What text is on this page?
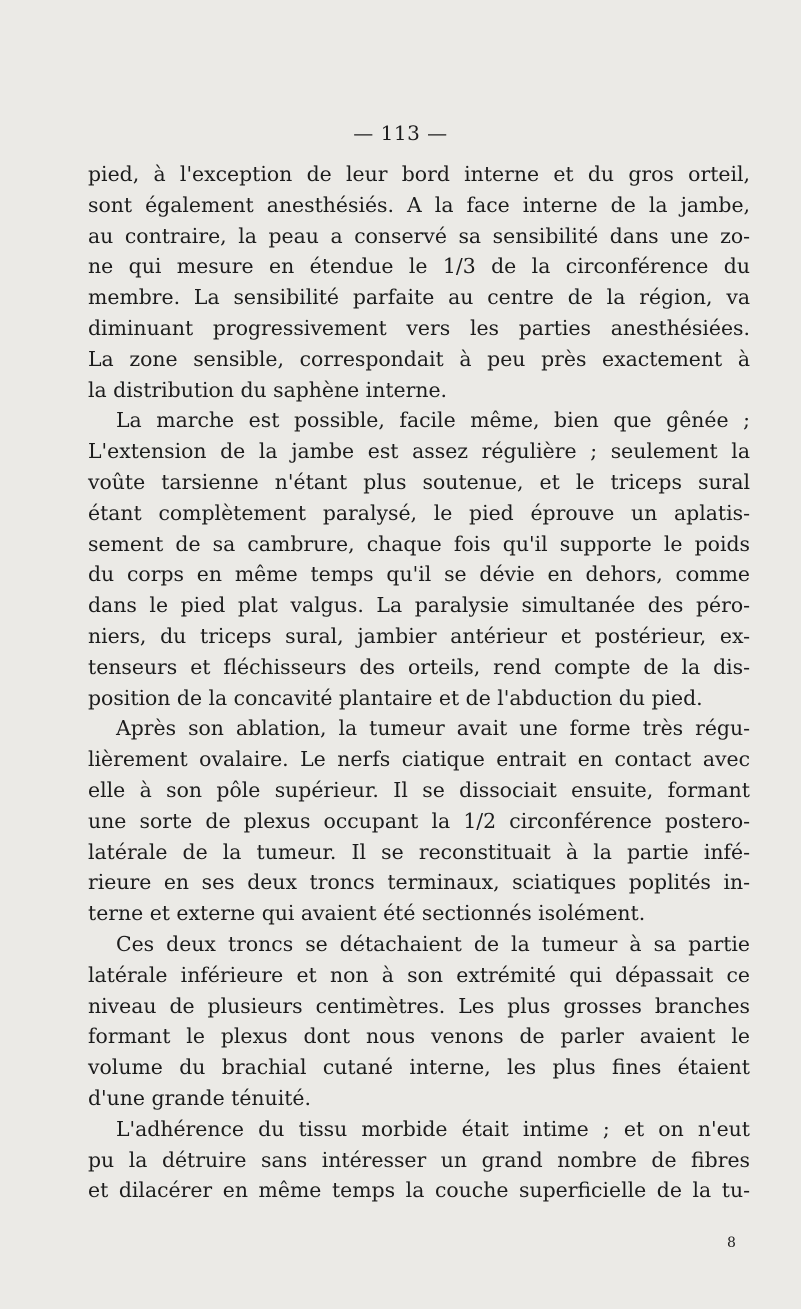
— 113 —
pied, à l'exception de leur bord interne et du gros orteil,
sont également anesthésiés. A la face interne de la jambe,
au contraire, la peau a conservé sa sensibilité dans une zo-
ne qui mesure en étendue le 1/3 de la circonférence du
membre. La sensibilité parfaite au centre de la région, va
diminuant progressivement vers les parties anesthésiées.
La zone sensible, correspondait à peu près exactement à
la distribution du saphène interne.
La marche est possible, facile même, bien que gênée ;
L'extension de la jambe est assez régulière ; seulement la
voûte tarsienne n'étant plus soutenue, et le triceps sural
étant complètement paralysé, le pied éprouve un aplatis-
sement de sa cambrure, chaque fois qu'il supporte le poids
du corps en même temps qu'il se dévie en dehors, comme
dans le pied plat valgus. La paralysie simultanée des péro-
niers, du triceps sural, jambier antérieur et postérieur, ex-
tenseurs et fléchisseurs des orteils, rend compte de la dis-
position de la concavité plantaire et de l'abduction du pied.
Après son ablation, la tumeur avait une forme très régu-
lièrement ovalaire. Le nerfs ciatique entrait en contact avec
elle à son pôle supérieur. Il se dissociait ensuite, formant
une sorte de plexus occupant la 1/2 circonférence postero-
latérale de la tumeur. Il se reconstituait à la partie infé-
rieure en ses deux troncs terminaux, sciatiques poplités in-
terne et externe qui avaient été sectionnés isolément.
Ces deux troncs se détachaient de la tumeur à sa partie
latérale inférieure et non à son extrémité qui dépassait ce
niveau de plusieurs centimètres. Les plus grosses branches
formant le plexus dont nous venons de parler avaient le
volume du brachial cutané interne, les plus fines étaient
d'une grande ténuité.
L'adhérence du tissu morbide était intime ; et on n'eut
pu la détruire sans intéresser un grand nombre de fibres
et dilacérer en même temps la couche superficielle de la tu-
8
